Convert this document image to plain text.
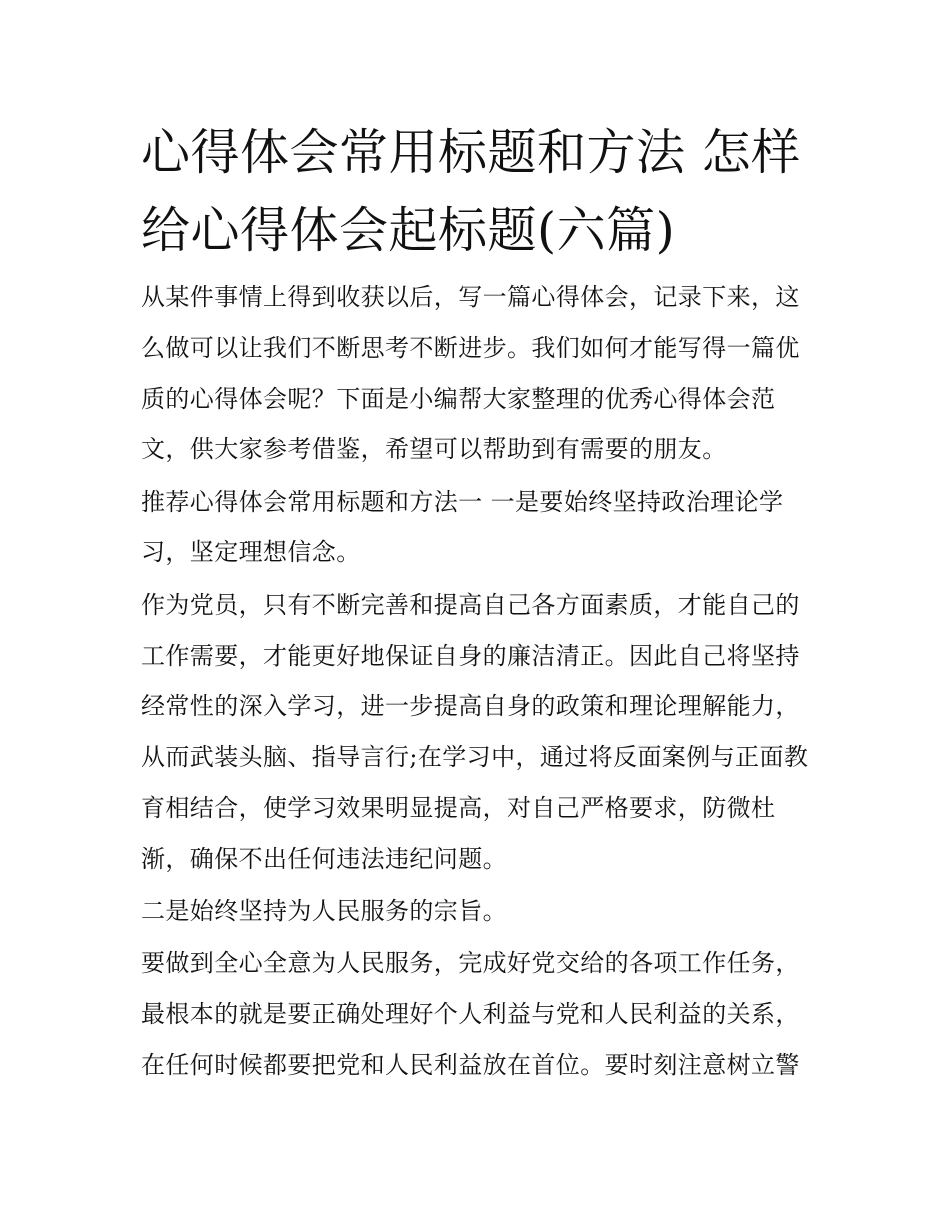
心得体会常用标题和方法 怎样给心得体会起标题(六篇)

从某件事情上得到收获以后，写一篇心得体会，记录下来，这么做可以让我们不断思考不断进步。我们如何才能写得一篇优质的心得体会呢？下面是小编帮大家整理的优秀心得体会范文，供大家参考借鉴，希望可以帮助到有需要的朋友。

推荐心得体会常用标题和方法一 一是要始终坚持政治理论学习，坚定理想信念。

作为党员，只有不断完善和提高自己各方面素质，才能自己的工作需要，才能更好地保证自身的廉洁清正。因此自己将坚持经常性的深入学习，进一步提高自身的政策和理论理解能力，从而武装头脑、指导言行;在学习中，通过将反面案例与正面教育相结合，使学习效果明显提高，对自己严格要求，防微杜渐，确保不出任何违法违纪问题。

二是始终坚持为人民服务的宗旨。

要做到全心全意为人民服务，完成好党交给的各项工作任务，最根本的就是要正确处理好个人利益与党和人民利益的关系，在任何时候都要把党和人民利益放在首位。要时刻注意树立警
